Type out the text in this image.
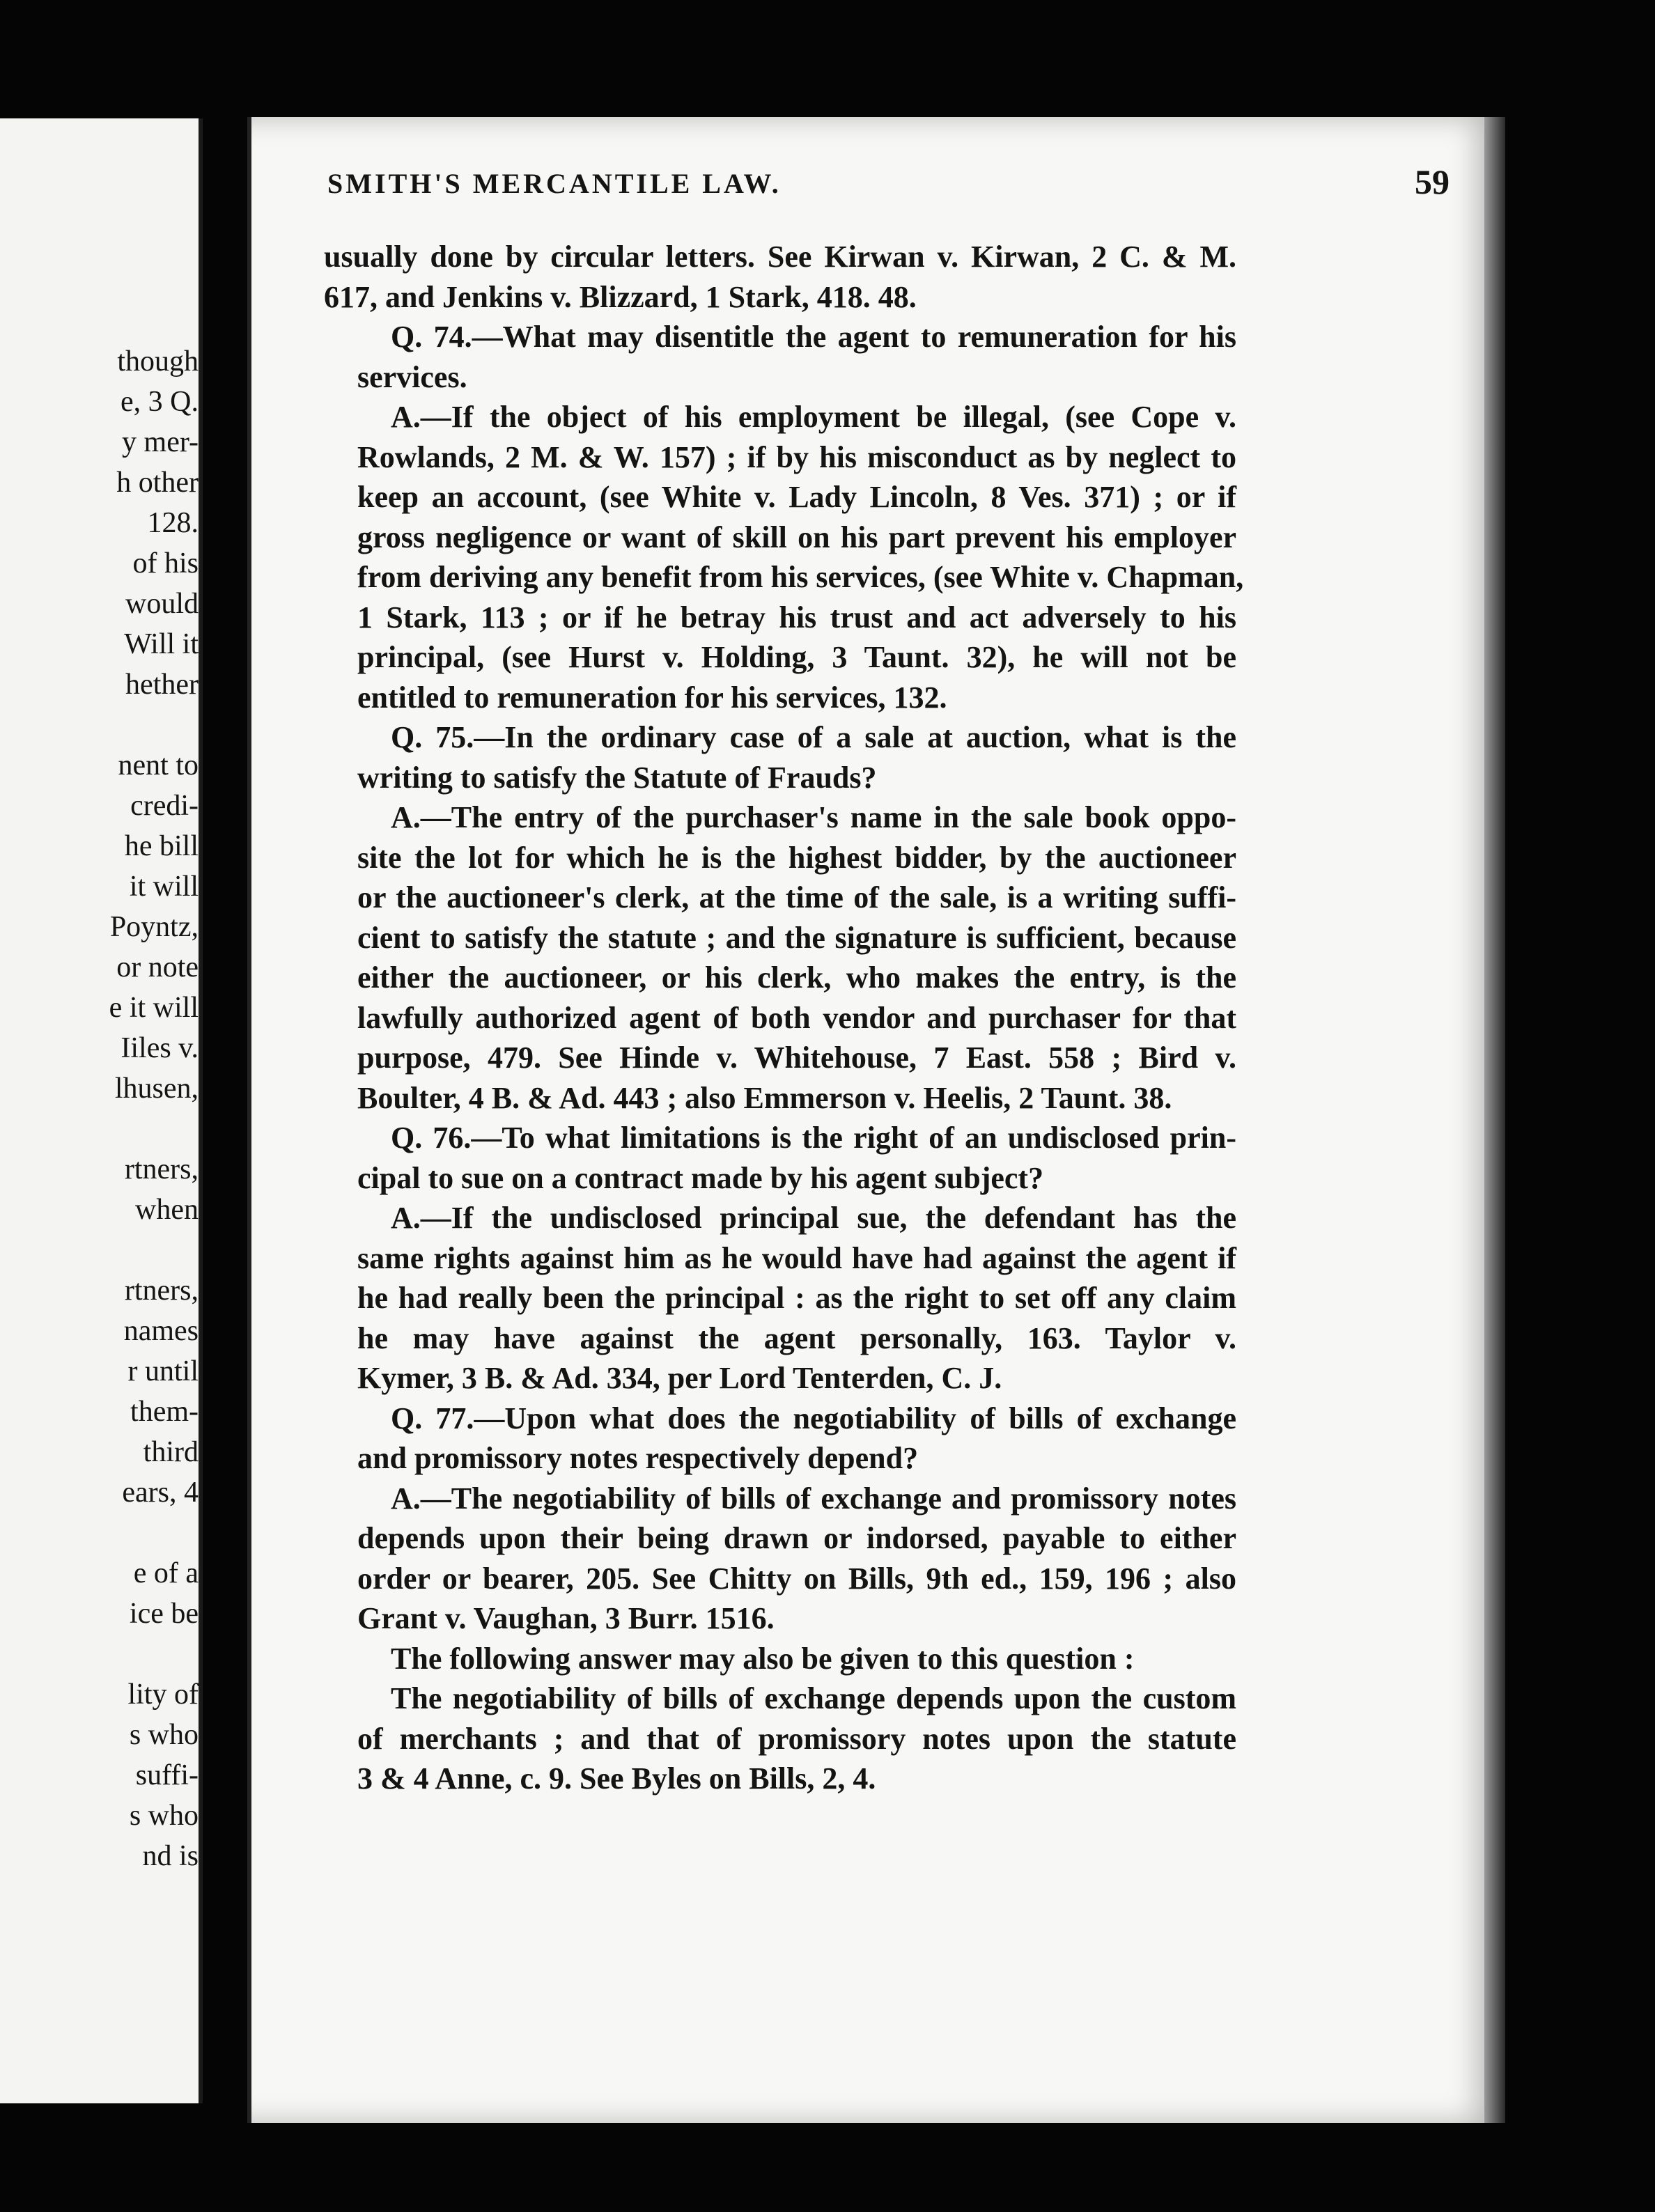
though
e, 3 Q.
y mer-
h other
128.
of his
would
Will it
hether

nent to
credi-
he bill
it will
Poyntz,
or note
e it will
Iiles v.
lhusen,

rtners,
when

rtners,
names
r until
them-
third
ears, 4

e of a
ice be

lity of
s who
suffi-
s who
nd is
SMITH'S MERCANTILE LAW.	59
usually done by circular letters. See Kirwan v. Kirwan, 2 C. & M.
617, and Jenkins v. Blizzard, 1 Stark, 418. 48.
Q. 74.—What may disentitle the agent to remuneration for his
services.
A.—If the object of his employment be illegal, (see Cope v.
Rowlands, 2 M. & W. 157) ; if by his misconduct as by neglect to
keep an account, (see White v. Lady Lincoln, 8 Ves. 371) ; or if
gross negligence or want of skill on his part prevent his employer
from deriving any benefit from his services, (see White v. Chapman,
1 Stark, 113 ; or if he betray his trust and act adversely to his
principal, (see Hurst v. Holding, 3 Taunt. 32), he will not be
entitled to remuneration for his services, 132.
Q. 75.—In the ordinary case of a sale at auction, what is the
writing to satisfy the Statute of Frauds?
A.—The entry of the purchaser's name in the sale book oppo-
site the lot for which he is the highest bidder, by the auctioneer
or the auctioneer's clerk, at the time of the sale, is a writing suffi-
cient to satisfy the statute ; and the signature is sufficient, because
either the auctioneer, or his clerk, who makes the entry, is the
lawfully authorized agent of both vendor and purchaser for that
purpose, 479. See Hinde v. Whitehouse, 7 East. 558 ; Bird v.
Boulter, 4 B. & Ad. 443 ; also Emmerson v. Heelis, 2 Taunt. 38.
Q. 76.—To what limitations is the right of an undisclosed prin-
cipal to sue on a contract made by his agent subject?
A.—If the undisclosed principal sue, the defendant has the
same rights against him as he would have had against the agent if
he had really been the principal : as the right to set off any claim
he may have against the agent personally, 163. Taylor v.
Kymer, 3 B. & Ad. 334, per Lord Tenterden, C. J.
Q. 77.—Upon what does the negotiability of bills of exchange
and promissory notes respectively depend?
A.—The negotiability of bills of exchange and promissory notes
depends upon their being drawn or indorsed, payable to either
order or bearer, 205. See Chitty on Bills, 9th ed., 159, 196 ; also
Grant v. Vaughan, 3 Burr. 1516.
The following answer may also be given to this question :
The negotiability of bills of exchange depends upon the custom
of merchants ; and that of promissory notes upon the statute
3 & 4 Anne, c. 9. See Byles on Bills, 2, 4.
